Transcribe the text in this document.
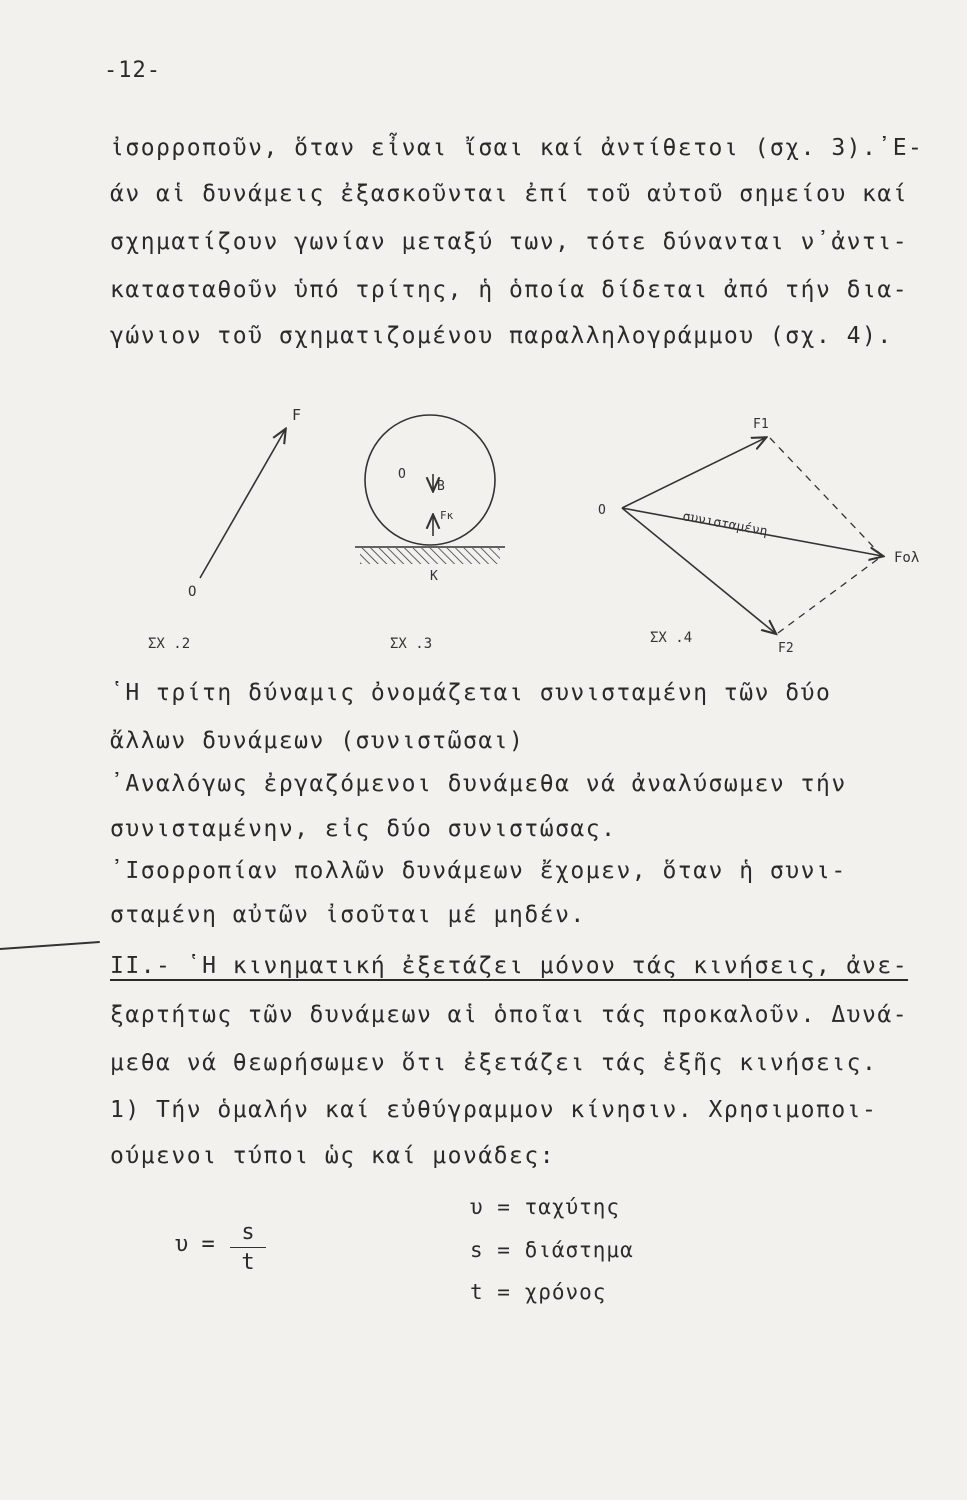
-12-
ἰσορροποῦν, ὅταν εἶναι ἴσαι καί ἀντίθετοι (σχ. 3).᾿Ε-
άν αἱ δυνάμεις ἐξασκοῦνται ἐπί τοῦ αὐτοῦ σημείου καί
σχηματίζουν γωνίαν μεταξύ των, τότε δύνανται ν᾿ἀντι-
κατασταθοῦν ὑπό τρίτης, ἡ ὁποία δίδεται ἀπό τήν δια-
γώνιον τοῦ σχηματιζομένου παραλληλογράμμου (σχ. 4).
F
O
ΣΧ .2
O
B
Fκ
K
ΣΧ .3
F1
F2
Foλ
O	συνισταμένη
ΣΧ .4
῾Η τρίτη δύναμις ὀνομάζεται συνισταμένη τῶν δύο
ἄλλων δυνάμεων (συνιστῶσαι)
᾿Αναλόγως ἐργαζόμενοι δυνάμεθα νά ἀναλύσωμεν τήν
συνισταμένην, εἰς δύο συνιστώσας.
᾿Ισορροπίαν πολλῶν δυνάμεων ἔχομεν, ὅταν ἡ συνι-
σταμένη αὐτῶν ἰσοῦται μέ μηδέν.
ΙΙ.- ῾Η κινηματική ἐξετάζει μόνον τάς κινήσεις, ἀνε-
ξαρτήτως τῶν δυνάμεων αἱ ὁποῖαι τάς προκαλοῦν. Δυνά-
μεθα νά θεωρήσωμεν ὅτι ἐξετάζει τάς ἑξῆς κινήσεις.
1) Τήν ὁμαλήν καί εὐθύγραμμον κίνησιν. Χρησιμοποι-
ούμενοι τύποι ὡς καί μονάδες:
$\upsilon = \frac{s}{t}$
υ = ταχύτης
s = διάστημα
t = χρόνος
